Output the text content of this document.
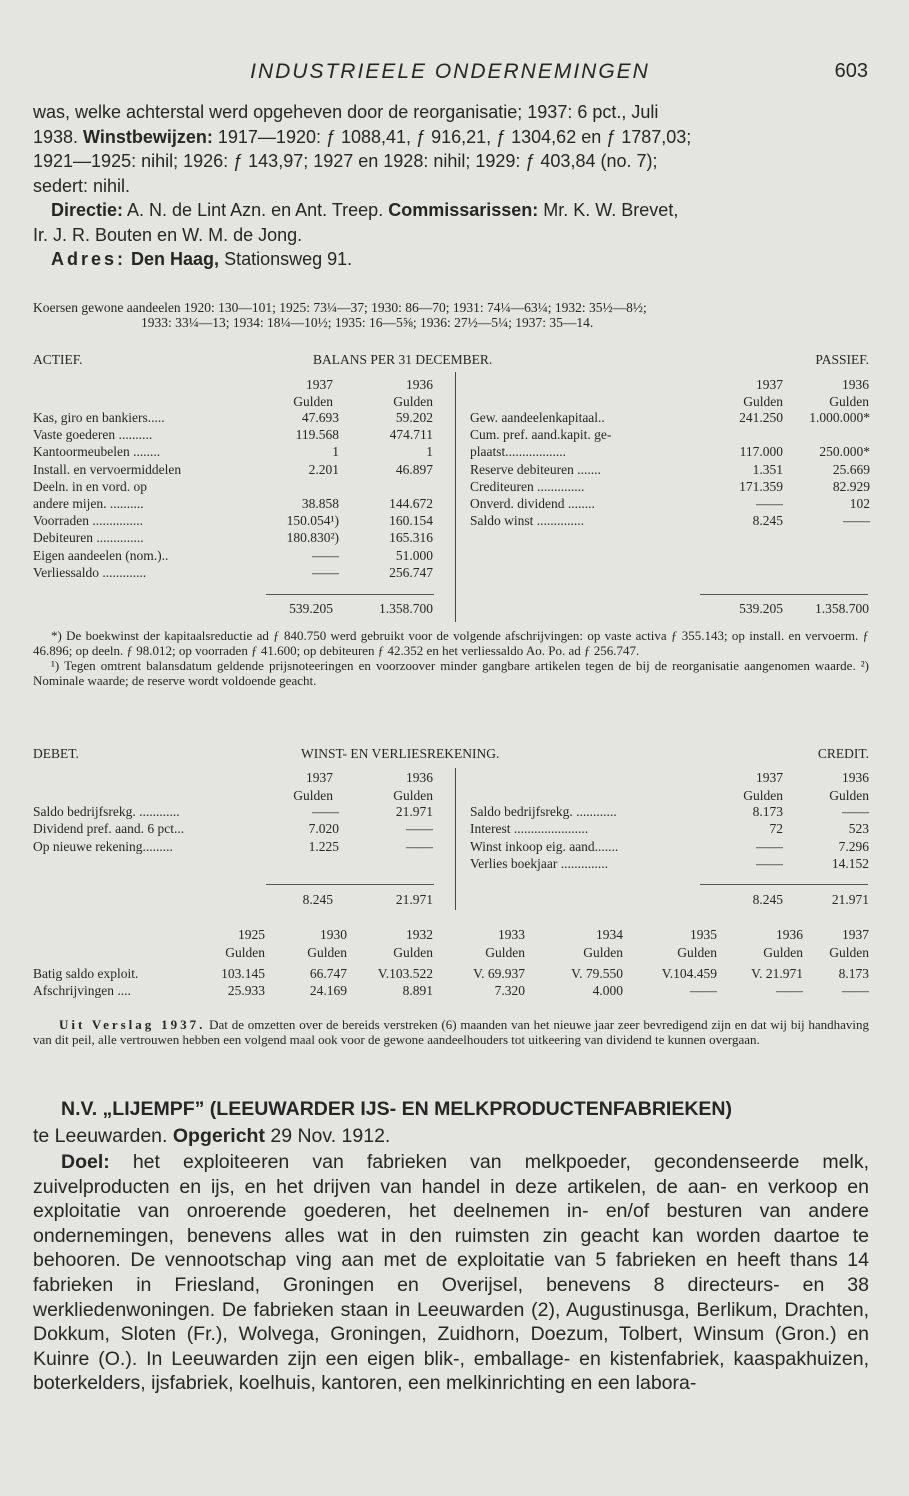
INDUSTRIEELE ONDERNEMINGEN	603
was, welke achterstal werd opgeheven door de reorganisatie; 1937: 6 pct., Juli
1938. Winstbewijzen: 1917—1920: ƒ 1088,41, ƒ 916,21, ƒ 1304,62 en ƒ 1787,03;
1921—1925: nihil; 1926: ƒ 143,97; 1927 en 1928: nihil; 1929: ƒ 403,84 (no. 7);
sedert: nihil.
Directie: A. N. de Lint Azn. en Ant. Treep. Commissarissen: Mr. K. W. Brevet,
Ir. J. R. Bouten en W. M. de Jong.
Adres: Den Haag, Stationsweg 91.
Koersen gewone aandeelen 1920: 130—101; 1925: 73¼—37; 1930: 86—70; 1931: 74¼—63¼; 1932: 35½—8½;
1933: 33¼—13; 1934: 18¼—10½; 1935: 16—5⅝; 1936: 27½—5¼; 1937: 35—14.
ACTIEF.	BALANS PER 31 DECEMBER.	PASSIEF.
1937	1936	1937	1936
Gulden	Gulden	Gulden	Gulden
539.205	1.358.700	539.205	1.358.700
*) De boekwinst der kapitaalsreductie ad ƒ 840.750 werd gebruikt voor de volgende afschrijvingen: op vaste activa ƒ 355.143; op install. en vervoerm. ƒ 46.896; op deeln. ƒ 98.012; op voorraden ƒ 41.600; op debiteuren ƒ 42.352 en het verliessaldo Ao. Po. ad ƒ 256.747.
¹) Tegen omtrent balansdatum geldende prijsnoteeringen en voorzoover minder gangbare artikelen tegen de bij de reorganisatie aangenomen waarde. ²) Nominale waarde; de reserve wordt voldoende geacht.
DEBET.	WINST- EN VERLIESREKENING.	CREDIT.
1937	1936	1937	1936
Gulden	Gulden	Gulden	Gulden
8.245	21.971	8.245	21.971
Uit Verslag 1937. Dat de omzetten over de bereids verstreken (6) maanden van het nieuwe jaar zeer bevredigend zijn en dat wij bij handhaving van dit peil, alle vertrouwen hebben een volgend maal ook voor de gewone aandeelhouders tot uitkeering van dividend te kunnen overgaan.
N.V. „LIJEMPF” (LEEUWARDER IJS- EN MELKPRODUCTENFABRIEKEN)
te Leeuwarden. Opgericht 29 Nov. 1912.
Doel: het exploiteeren van fabrieken van melkpoeder, gecondenseerde melk, zuivelproducten en ijs, en het drijven van handel in deze artikelen, de aan- en verkoop en exploitatie van onroerende goederen, het deelnemen in- en/of besturen van andere ondernemingen, benevens alles wat in den ruimsten zin geacht kan worden daartoe te behooren. De vennootschap ving aan met de exploitatie van 5 fabrieken en heeft thans 14 fabrieken in Friesland, Groningen en Overijsel, benevens 8 directeurs- en 38 werkliedenwoningen. De fabrieken staan in Leeuwarden (2), Augustinusga, Berlikum, Drachten, Dokkum, Sloten (Fr.), Wolvega, Groningen, Zuidhorn, Doezum, Tolbert, Winsum (Gron.) en Kuinre (O.). In Leeuwarden zijn een eigen blik-, emballage- en kistenfabriek, kaaspakhuizen, boterkelders, ijsfabriek, koelhuis, kantoren, een melkinrichting en een labora-
Kas, giro en bankiers.....	47.693	59.202
Vaste goederen ..........	119.568	474.711
Kantoormeubelen ........	1	1
Install. en vervoermiddelen	2.201	46.897
Deeln. in en vord. op
andere mijen. ..........	38.858	144.672
Voorraden ...............	150.054¹)	160.154
Debiteuren ..............	180.830²)	165.316
Eigen aandeelen (nom.)..	——	51.000
Verliessaldo .............	——	256.747
Gew. aandeelenkapitaal..	241.250	1.000.000*
Cum. pref. aand.kapit. ge-
plaatst..................	117.000	250.000*
Reserve debiteuren .......	1.351	25.669
Crediteuren ..............	171.359	82.929
Onverd. dividend ........	——	102
Saldo winst ..............	8.245	——
Saldo bedrijfsrekg. ............	——	21.971
Dividend pref. aand. 6 pct...	7.020	——
Op nieuwe rekening.........	1.225	——
Saldo bedrijfsrekg. ............	8.173	——
Interest ......................	72	523
Winst inkoop eig. aand.......	——	7.296
Verlies boekjaar ..............	——	14.152
1925	1930	1932	1933	1934	1935	1936	1937
Gulden	Gulden	Gulden	Gulden	Gulden	Gulden	Gulden	Gulden
Batig saldo exploit.	103.145	66.747	V.103.522	V. 69.937	V. 79.550	V.104.459	V. 21.971	8.173
Afschrijvingen ....	25.933	24.169	8.891	7.320	4.000	——	——	——
